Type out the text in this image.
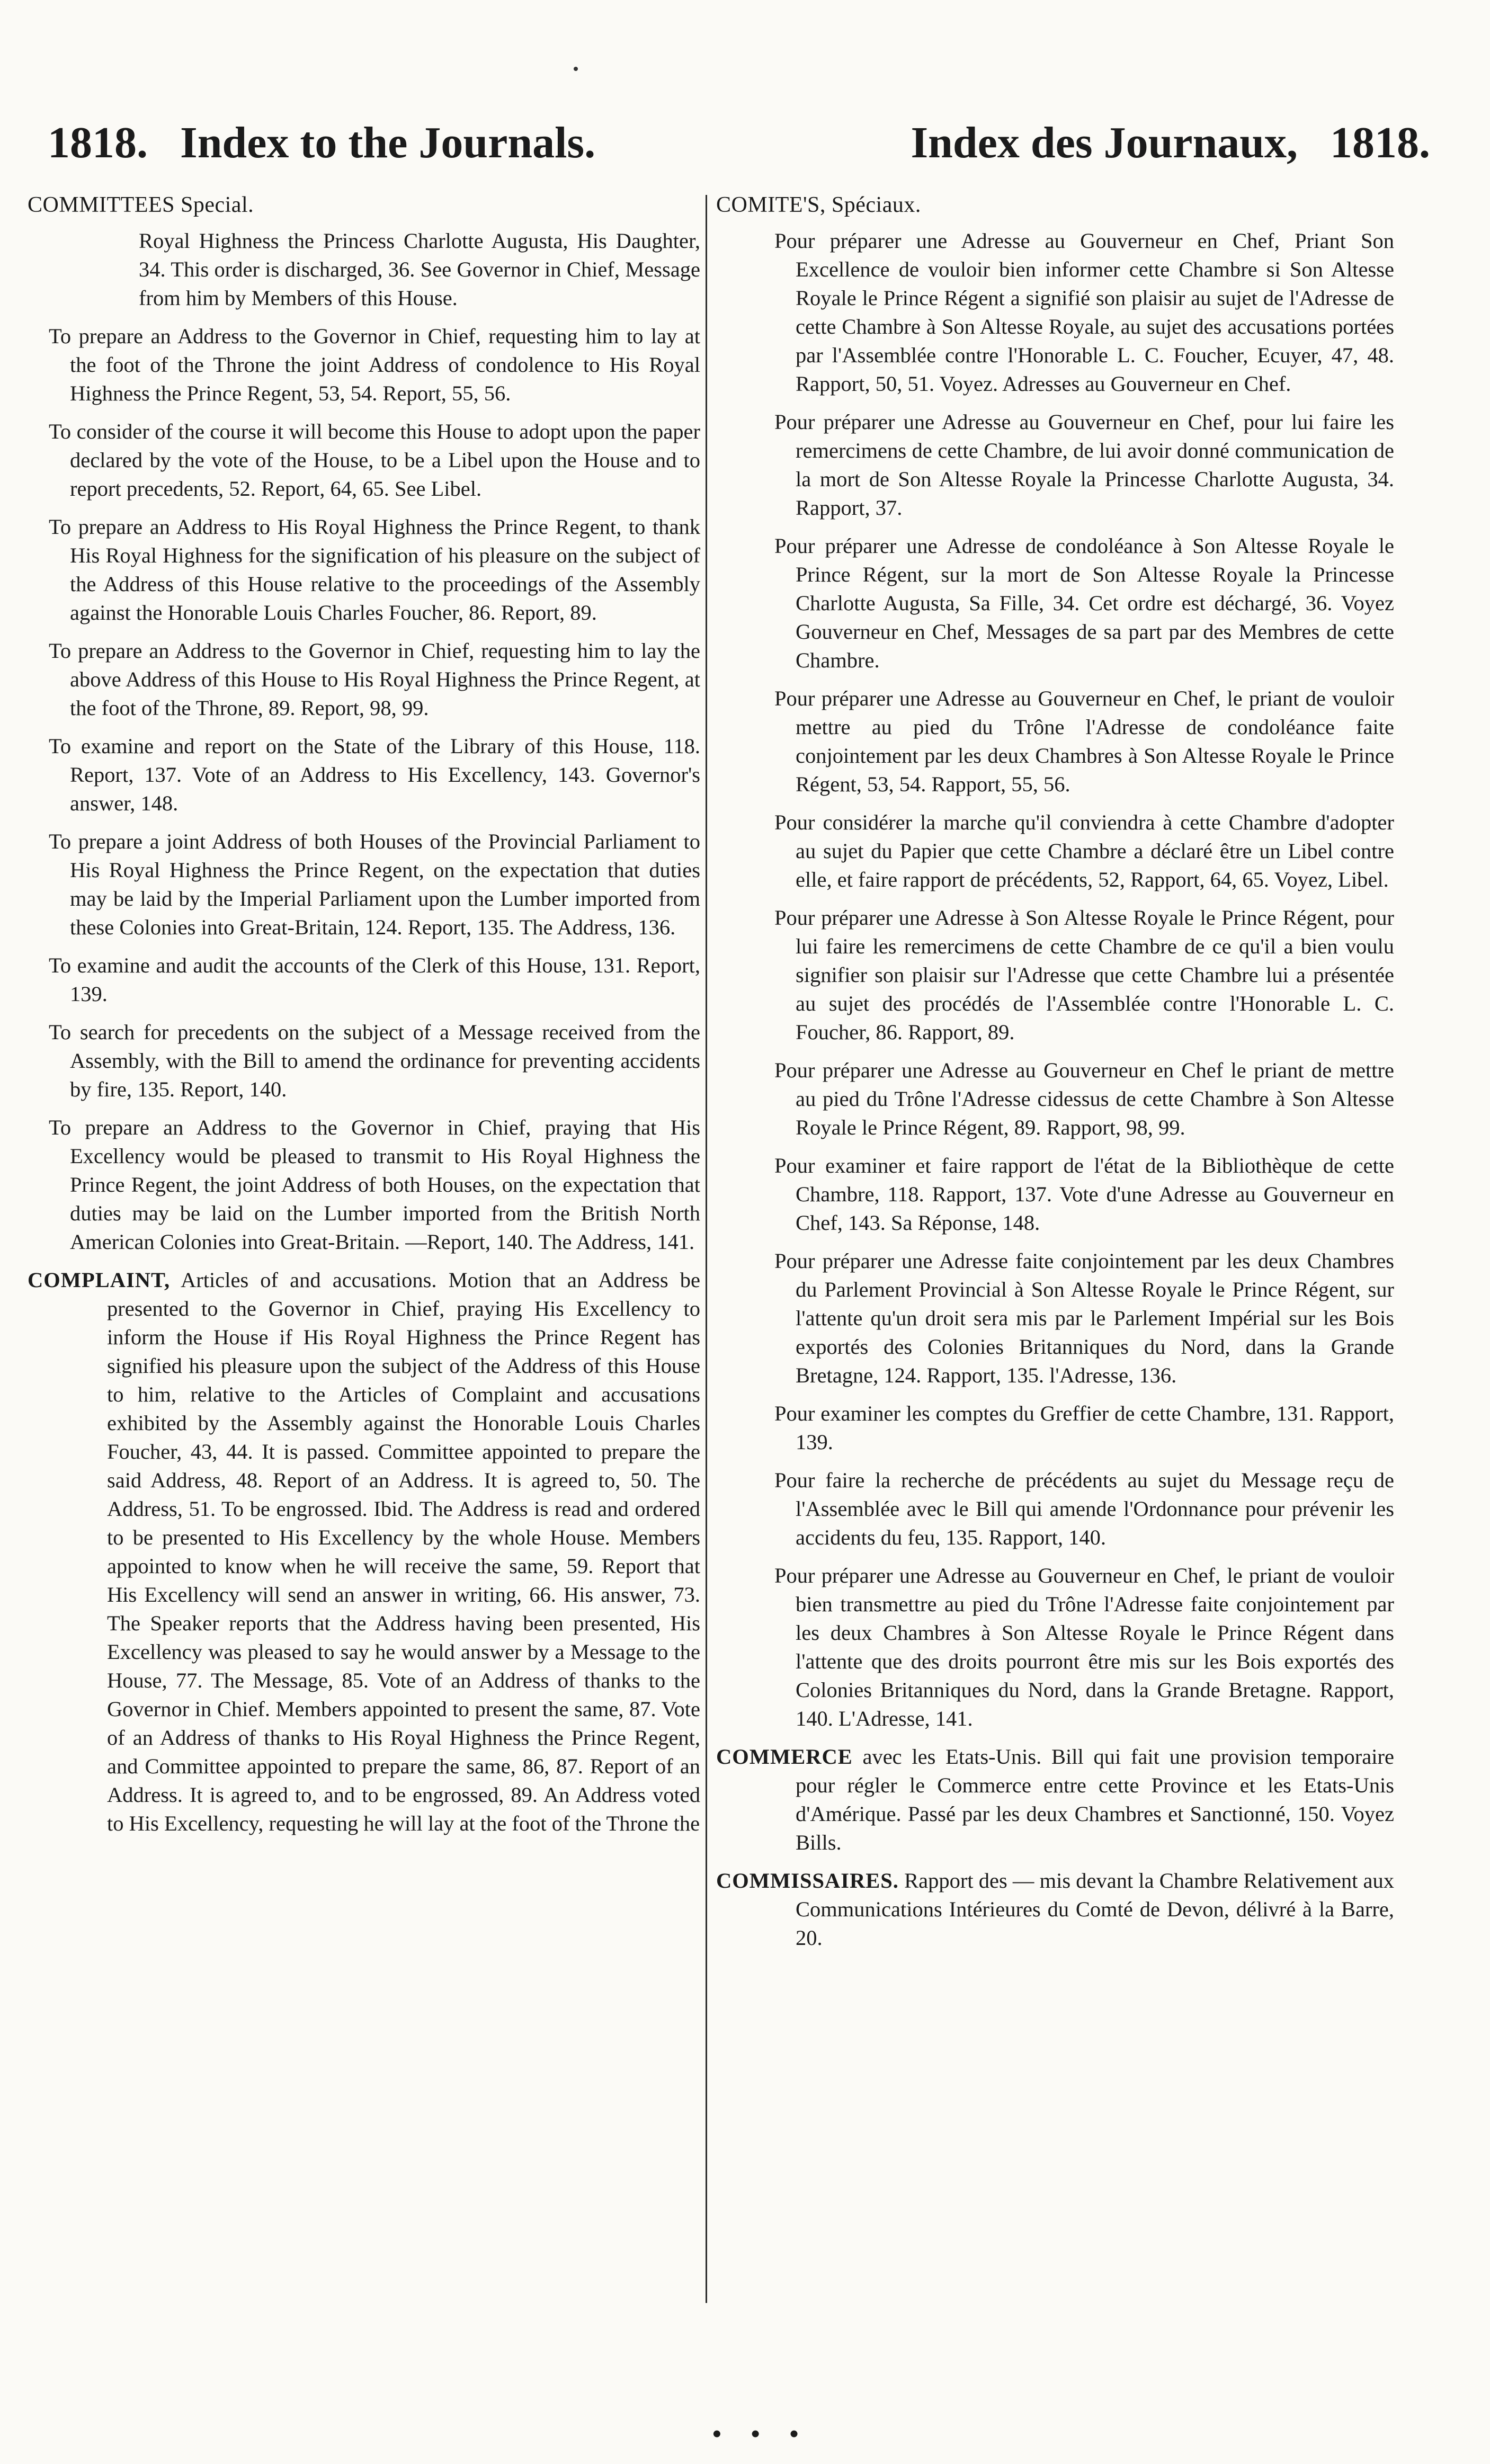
1818. Index to the Journals.	Index des Journaux, 1818.
COMMITTEES Special.

Royal Highness the Princess Charlotte Augusta, His Daughter, 34. This order is discharged, 36. See Governor in Chief, Message from him by Members of this House.

To prepare an Address to the Governor in Chief, requesting him to lay at the foot of the Throne the joint Address of condolence to His Royal Highness the Prince Regent, 53, 54. Report, 55, 56.

To consider of the course it will become this House to adopt upon the paper declared by the vote of the House, to be a Libel upon the House and to report precedents, 52. Report, 64, 65. See Libel.

To prepare an Address to His Royal Highness the Prince Regent, to thank His Royal Highness for the signification of his pleasure on the subject of the Address of this House relative to the proceedings of the Assembly against the Honorable Louis Charles Foucher, 86. Report, 89.

To prepare an Address to the Governor in Chief, requesting him to lay the above Address of this House to His Royal Highness the Prince Regent, at the foot of the Throne, 89. Report, 98, 99.

To examine and report on the State of the Library of this House, 118. Report, 137. Vote of an Address to His Excellency, 143. Governor's answer, 148.

To prepare a joint Address of both Houses of the Provincial Parliament to His Royal Highness the Prince Regent, on the expectation that duties may be laid by the Imperial Parliament upon the Lumber imported from these Colonies into Great-Britain, 124. Report, 135. The Address, 136.

To examine and audit the accounts of the Clerk of this House, 131. Report, 139.

To search for precedents on the subject of a Message received from the Assembly, with the Bill to amend the ordinance for preventing accidents by fire, 135. Report, 140.

To prepare an Address to the Governor in Chief, praying that His Excellency would be pleased to transmit to His Royal Highness the Prince Regent, the joint Address of both Houses, on the expectation that duties may be laid on the Lumber imported from the British North American Colonies into Great-Britain. —Report, 140. The Address, 141.

COMPLAINT, Articles of and accusations. Motion that an Address be presented to the Governor in Chief, praying His Excellency to inform the House if His Royal Highness the Prince Regent has signified his pleasure upon the subject of the Address of this House to him, relative to the Articles of Complaint and accusations exhibited by the Assembly against the Honorable Louis Charles Foucher, 43, 44. It is passed. Committee appointed to prepare the said Address, 48. Report of an Address. It is agreed to, 50. The Address, 51. To be engrossed. Ibid. The Address is read and ordered to be presented to His Excellency by the whole House. Members appointed to know when he will receive the same, 59. Report that His Excellency will send an answer in writing, 66. His answer, 73. The Speaker reports that the Address having been presented, His Excellency was pleased to say he would answer by a Message to the House, 77. The Message, 85. Vote of an Address of thanks to the Governor in Chief. Members appointed to present the same, 87. Vote of an Address of thanks to His Royal Highness the Prince Regent, and Committee appointed to prepare the same, 86, 87. Report of an Address. It is agreed to, and to be engrossed, 89. An Address voted to His Excellency, requesting he will lay at the foot of the Throne the

COMITE'S, Spéciaux.

Pour préparer une Adresse au Gouverneur en Chef, Priant Son Excellence de vouloir bien informer cette Chambre si Son Altesse Royale le Prince Régent a signifié son plaisir au sujet de l'Adresse de cette Chambre à Son Altesse Royale, au sujet des accusations portées par l'Assemblée contre l'Honorable L. C. Foucher, Ecuyer, 47, 48. Rapport, 50, 51. Voyez. Adresses au Gouverneur en Chef.

Pour préparer une Adresse au Gouverneur en Chef, pour lui faire les remercimens de cette Chambre, de lui avoir donné communication de la mort de Son Altesse Royale la Princesse Charlotte Augusta, 34. Rapport, 37.

Pour préparer une Adresse de condoléance à Son Altesse Royale le Prince Régent, sur la mort de Son Altesse Royale la Princesse Charlotte Augusta, Sa Fille, 34. Cet ordre est déchargé, 36. Voyez Gouverneur en Chef, Messages de sa part par des Membres de cette Chambre.

Pour préparer une Adresse au Gouverneur en Chef, le priant de vouloir mettre au pied du Trône l'Adresse de condoléance faite conjointement par les deux Chambres à Son Altesse Royale le Prince Régent, 53, 54. Rapport, 55, 56.

Pour considérer la marche qu'il conviendra à cette Chambre d'adopter au sujet du Papier que cette Chambre a déclaré être un Libel contre elle, et faire rapport de précédents, 52, Rapport, 64, 65. Voyez, Libel.

Pour préparer une Adresse à Son Altesse Royale le Prince Régent, pour lui faire les remercimens de cette Chambre de ce qu'il a bien voulu signifier son plaisir sur l'Adresse que cette Chambre lui a présentée au sujet des procédés de l'Assemblée contre l'Honorable L. C. Foucher, 86. Rapport, 89.

Pour préparer une Adresse au Gouverneur en Chef le priant de mettre au pied du Trône l'Adresse cidessus de cette Chambre à Son Altesse Royale le Prince Régent, 89. Rapport, 98, 99.

Pour examiner et faire rapport de l'état de la Bibliothèque de cette Chambre, 118. Rapport, 137. Vote d'une Adresse au Gouverneur en Chef, 143. Sa Réponse, 148.

Pour préparer une Adresse faite conjointement par les deux Chambres du Parlement Provincial à Son Altesse Royale le Prince Régent, sur l'attente qu'un droit sera mis par le Parlement Impérial sur les Bois exportés des Colonies Britanniques du Nord, dans la Grande Bretagne, 124. Rapport, 135. l'Adresse, 136.

Pour examiner les comptes du Greffier de cette Chambre, 131. Rapport, 139.

Pour faire la recherche de précédents au sujet du Message reçu de l'Assemblée avec le Bill qui amende l'Ordonnance pour prévenir les accidents du feu, 135. Rapport, 140.

Pour préparer une Adresse au Gouverneur en Chef, le priant de vouloir bien transmettre au pied du Trône l'Adresse faite conjointement par les deux Chambres à Son Altesse Royale le Prince Régent dans l'attente que des droits pourront être mis sur les Bois exportés des Colonies Britanniques du Nord, dans la Grande Bretagne. Rapport, 140. L'Adresse, 141.

COMMERCE avec les Etats-Unis. Bill qui fait une provision temporaire pour régler le Commerce entre cette Province et les Etats-Unis d'Amérique. Passé par les deux Chambres et Sanctionné, 150. Voyez Bills.

COMMISSAIRES. Rapport des — mis devant la Chambre Relativement aux Communications Intérieures du Comté de Devon, délivré à la Barre, 20.

• • •
